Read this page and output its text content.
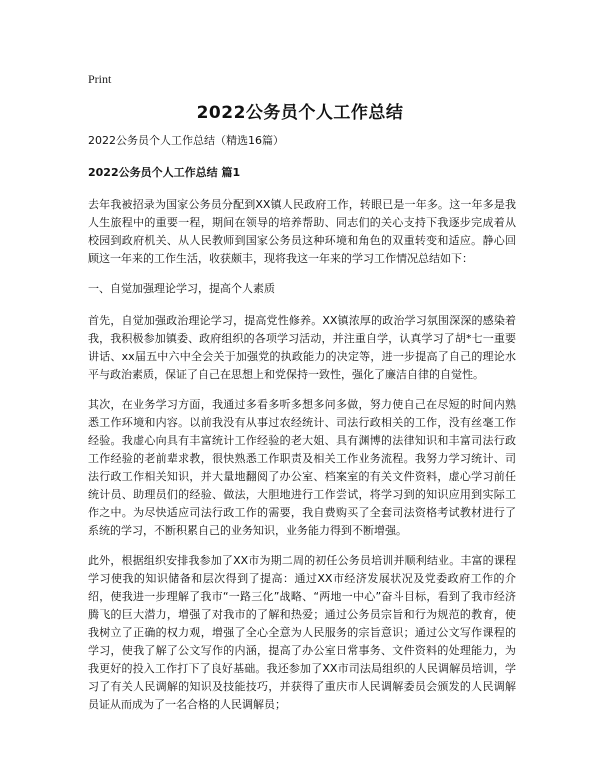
Print
2022公务员个人工作总结

2022公务员个人工作总结（精选16篇）

2022公务员个人工作总结 篇1

去年我被招录为国家公务员分配到XX镇人民政府工作，转眼已是一年多。这一年多是我人生旅程中的重要一程，期间在领导的培养帮助、同志们的关心支持下我逐步完成着从校园到政府机关、从人民教师到国家公务员这种环境和角色的双重转变和适应。静心回顾这一年来的工作生活，收获颇丰，现将我这一年来的学习工作情况总结如下：

一、自觉加强理论学习，提高个人素质

首先，自觉加强政治理论学习，提高党性修养。XX镇浓厚的政治学习氛围深深的感染着我，我积极参加镇委、政府组织的各项学习活动，并注重自学，认真学习了胡*七一重要讲话、xx届五中六中全会关于加强党的执政能力的决定等，进一步提高了自己的理论水平与政治素质，保证了自己在思想上和党保持一致性，强化了廉洁自律的自觉性。

其次，在业务学习方面，我通过多看多听多想多问多做，努力使自己在尽短的时间内熟悉工作环境和内容。以前我没有从事过农经统计、司法行政相关的工作，没有丝毫工作经验。我虚心向具有丰富统计工作经验的老大姐、具有渊博的法律知识和丰富司法行政工作经验的老前辈求教，很快熟悉工作职责及相关工作业务流程。我努力学习统计、司法行政工作相关知识，并大量地翻阅了办公室、档案室的有关文件资料，虚心学习前任统计员、助理员们的经验、做法，大胆地进行工作尝试，将学习到的知识应用到实际工作之中。为尽快适应司法行政工作的需要，我自费购买了全套司法资格考试教材进行了系统的学习，不断积累自己的业务知识，业务能力得到不断增强。

此外，根据组织安排我参加了XX市为期二周的初任公务员培训并顺利结业。丰富的课程学习使我的知识储备和层次得到了提高：通过XX市经济发展状况及党委政府工作的介绍，使我进一步理解了我市“一路三化”战略、“两地一中心”奋斗目标，看到了我市经济腾飞的巨大潜力，增强了对我市的了解和热爱；通过公务员宗旨和行为规范的教育，使我树立了正确的权力观，增强了全心全意为人民服务的宗旨意识；通过公文写作课程的学习，使我了解了公文写作的内涵，提高了办公室日常事务、文件资料的处理能力，为我更好的投入工作打下了良好基础。我还参加了XX市司法局组织的人民调解员培训，学习了有关人民调解的知识及技能技巧，并获得了重庆市人民调解委员会颁发的人民调解员证从而成为了一名合格的人民调解员；
